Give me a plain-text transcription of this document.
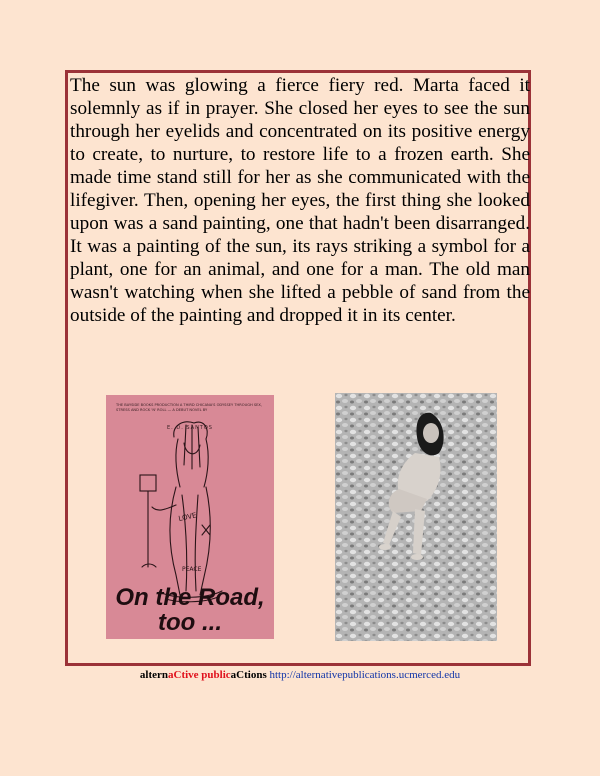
The sun was glowing a fierce fiery red. Marta faced it solemnly as if in prayer. She closed her eyes to see the sun through her eyelids and concentrated on its positive energy to create, to nurture, to restore life to a frozen earth. She made time stand still for her as she communicated with the lifegiver. Then, opening her eyes, the first thing she looked upon was a sand painting, one that hadn't been disarranged. It was a painting of the sun, its rays striking a symbol for a plant, one for an animal, and one for a man. The old man wasn't watching when she lifted a pebble of sand from the outside of the painting and dropped it in its center.

THE BAYSIDE BOOKS PRODUCTION A THIRD CHICANA'S ODYSSEY THROUGH SEX, STRESS AND ROCK 'N' ROLL — A DEBUT NOVEL BY

E. D. SANTOS
LOVE
PEACE
On the Road,
too ...
alternaCtive publicaCtions http://alternativepublications.ucmerced.edu
